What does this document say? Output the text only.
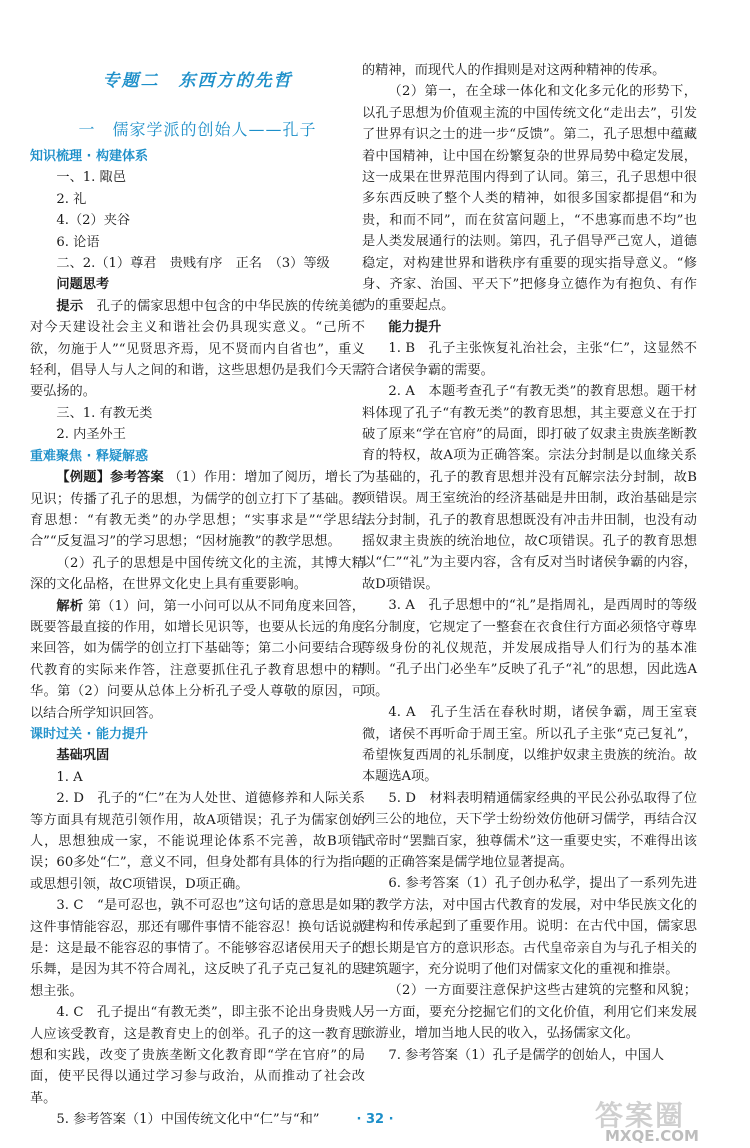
专题二　东西方的先哲
一　儒家学派的创始人——孔子
知识梳理 · 构建体系

一、1. 陬邑

2. 礼

4.（2）夹谷

6. 论语

二、2.（1）尊君　贵贱有序　正名　（3）等级

问题思考

提示　 孔子的儒家思想中包含的中华民族的传统美德对今天建设社会主义和谐社会仍具现实意义。“己所不欲，勿施于人”“见贤思齐焉，见不贤而内自省也”，重义轻利，倡导人与人之间的和谐，这些思想仍是我们今天需要弘扬的。

三、1. 有教无类

2. 内圣外王

重难聚焦 · 释疑解惑

【例题】参考答案 （1）作用：增加了阅历，增长了见识；传播了孔子的思想，为儒学的创立打下了基础。教育思想：“有教无类”的办学思想；“实事求是”“学思结合”“反复温习”的学习思想；“因材施教”的教学思想。

（2）孔子的思想是中国传统文化的主流，其博大精深的文化品格，在世界文化史上具有重要影响。

解析 第（1）问，第一小问可以从不同角度来回答，既要答最直接的作用，如增长见识等，也要从长远的角度来回答，如为儒学的创立打下基础等；第二小问要结合现代教育的实际来作答，注意要抓住孔子教育思想中的精华。第（2）问要从总体上分析孔子受人尊敬的原因，可以结合所学知识回答。

课时过关 · 能力提升

基础巩固

1. A

2. D　孔子的“仁”在为人处世、道德修养和人际关系等方面具有规范引领作用，故A项错误；孔子为儒家创始人，思想独成一家，不能说理论体系不完善，故B项错误；60多处“仁”，意义不同，但身处都有具体的行为指向或思想引领，故C项错误，D项正确。

3. C　“是可忍也，孰不可忍也”这句话的意思是如果这件事情能容忍，那还有哪件事情不能容忍！换句话说就是：这是最不能容忍的事情了。不能够容忍诸侯用天子的乐舞，是因为其不符合周礼，这反映了孔子克己复礼的思想主张。

4. C　孔子提出“有教无类”，即主张不论出身贵贱人人应该受教育，这是教育史上的创举。孔子的这一教育思想和实践，改变了贵族垄断文化教育即“学在官府”的局面，使平民得以通过学习参与政治，从而推动了社会改革。

5. 参考答案（1）中国传统文化中“仁”与“和”

的精神，而现代人的作揖则是对这两种精神的传承。

（2）第一，在全球一体化和文化多元化的形势下，以孔子思想为价值观主流的中国传统文化“走出去”，引发了世界有识之士的进一步“反馈”。第二，孔子思想中蕴藏着中国精神，让中国在纷繁复杂的世界局势中稳定发展，这一成果在世界范围内得到了认同。第三，孔子思想中很多东西反映了整个人类的精神，如很多国家都提倡“和为贵，和而不同”，而在贫富问题上，“不患寡而患不均”也是人类发展通行的法则。第四，孔子倡导严己宽人，道德稳定，对构建世界和谐秩序有重要的现实指导意义。“修身、齐家、治国、平天下”把修身立德作为有抱负、有作为的重要起点。

能力提升

1. B　孔子主张恢复礼治社会，主张“仁”，这显然不符合诸侯争霸的需要。

2. A　本题考查孔子“有教无类”的教育思想。题干材料体现了孔子“有教无类”的教育思想，其主要意义在于打破了原来“学在官府”的局面，即打破了奴隶主贵族垄断教育的特权，故A项为正确答案。宗法分封制是以血缘关系为基础的，孔子的教育思想并没有瓦解宗法分封制，故B项错误。周王室统治的经济基础是井田制，政治基础是宗法分封制，孔子的教育思想既没有冲击井田制，也没有动摇奴隶主贵族的统治地位，故C项错误。孔子的教育思想以“仁”“礼”为主要内容，含有反对当时诸侯争霸的内容，故D项错误。

3. A　孔子思想中的“礼”是指周礼，是西周时的等级名分制度，它规定了一整套在衣食住行方面必须恪守尊卑等级身份的礼仪规范，并发展成指导人们行为的基本准则。“孔子出门必坐车”反映了孔子“礼”的思想，因此选A项。

4. A　孔子生活在春秋时期，诸侯争霸，周王室衰微，诸侯不再听命于周王室。所以孔子主张“克己复礼”，希望恢复西周的礼乐制度，以维护奴隶主贵族的统治。故本题选A项。

5. D　材料表明精通儒家经典的平民公孙弘取得了位列三公的地位，天下学士纷纷效仿他研习儒学，再结合汉武帝时“罢黜百家，独尊儒术”这一重要史实，不难得出该题的正确答案是儒学地位显著提高。

6. 参考答案（1）孔子创办私学，提出了一系列先进的教学方法，对中国古代教育的发展，对中华民族文化的建构和传承起到了重要作用。说明：在古代中国，儒家思想长期是官方的意识形态。古代皇帝亲自为与孔子相关的建筑题字，充分说明了他们对儒家文化的重视和推崇。

（2）一方面要注意保护这些古建筑的完整和风貌；另一方面，要充分挖掘它们的文化价值，利用它们来发展旅游业，增加当地人民的收入，弘扬儒家文化。

7. 参考答案（1）孔子是儒学的创始人，中国人

· 32 ·	答案圈
MXQE.COM
